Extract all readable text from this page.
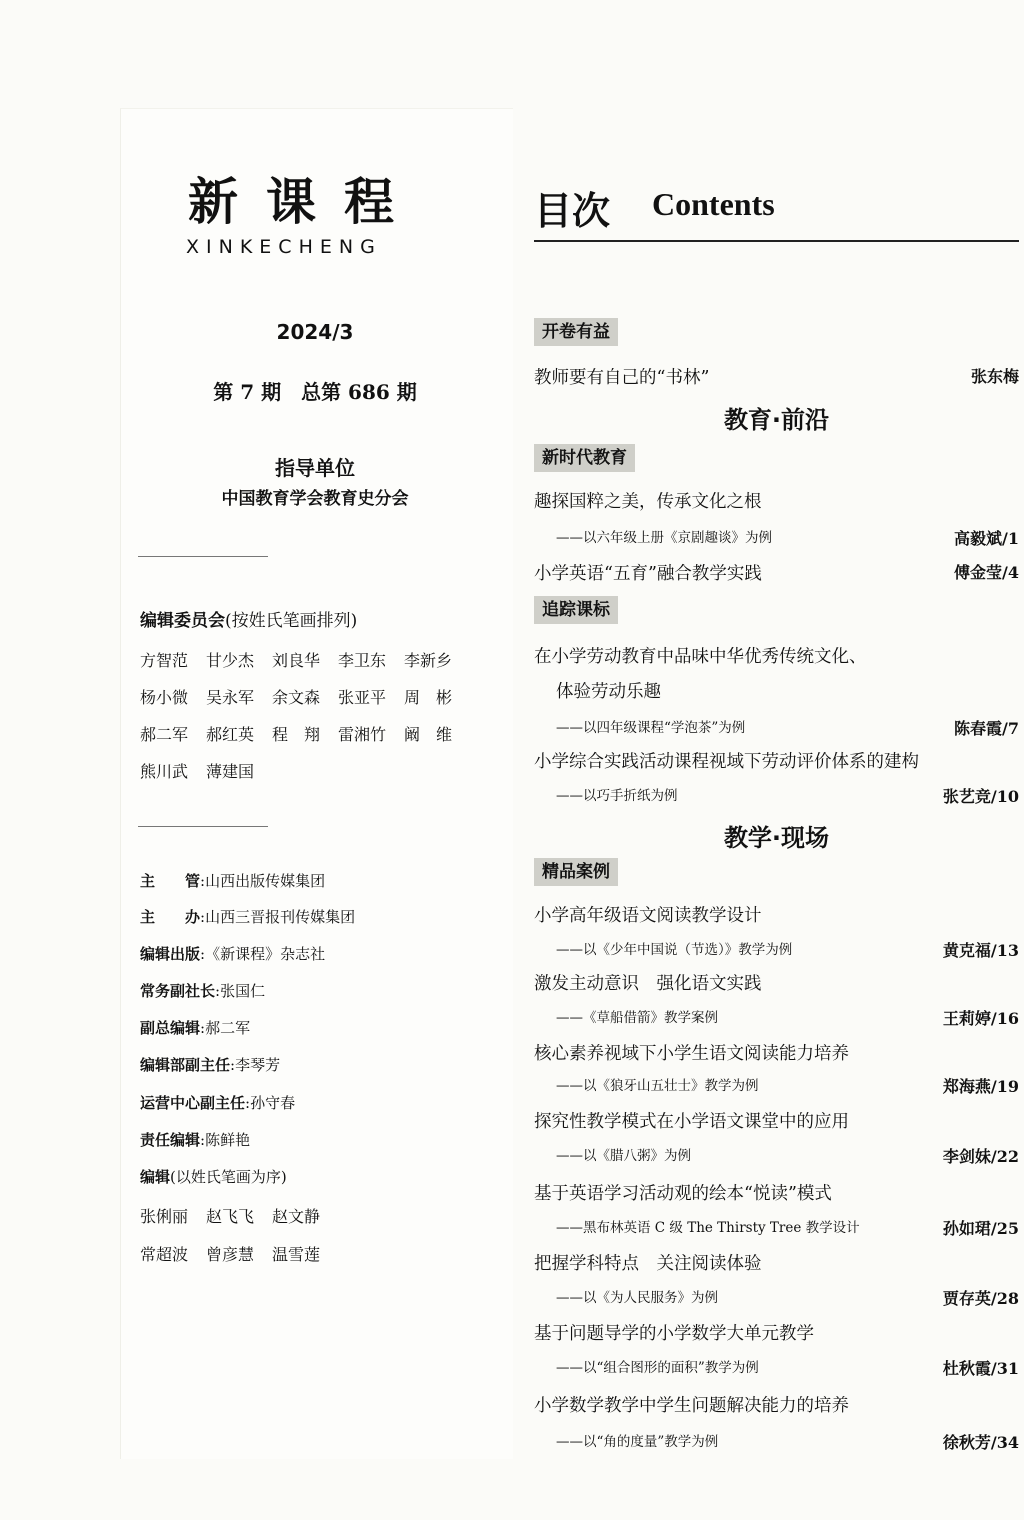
新课程
XINKECHENG
2024/3
第 7 期　总第 686 期
指导单位
中国教育学会教育史分会
编辑委员会(按姓氏笔画排列)
方智范 甘少杰 刘良华 李卫东 李新乡
杨小微 吴永军 余文森 张亚平 周　彬
郝二军 郝红英 程　翔 雷湘竹 阚　维
熊川武 薄建国
主　　管:山西出版传媒集团
主　　办:山西三晋报刊传媒集团
编辑出版:《新课程》杂志社
常务副社长:张国仁
副总编辑:郝二军
编辑部副主任:李琴芳
运营中心副主任:孙守春
责任编辑:陈鲜艳
编辑(以姓氏笔画为序)
张俐丽 赵飞飞 赵文静
常超波 曾彦慧 温雪莲
目次 Contents
开卷有益
教师要有自己的“书林”	张东梅
教育·前沿
新时代教育
趣探国粹之美，传承文化之根
——以六年级上册《京剧趣谈》为例	高毅斌/1
小学英语“五育”融合教学实践	傅金莹/4
追踪课标
在小学劳动教育中品味中华优秀传统文化、
体验劳动乐趣
——以四年级课程“学泡茶”为例	陈春霞/7
小学综合实践活动课程视域下劳动评价体系的建构
——以巧手折纸为例	张艺竞/10
教学·现场
精品案例
小学高年级语文阅读教学设计
——以《少年中国说（节选）》教学为例	黄克福/13
激发主动意识　强化语文实践
——《草船借箭》教学案例	王莉婷/16
核心素养视域下小学生语文阅读能力培养
——以《狼牙山五壮士》教学为例	郑海燕/19
探究性教学模式在小学语文课堂中的应用
——以《腊八粥》为例	李剑妹/22
基于英语学习活动观的绘本“悦读”模式
——黑布林英语 C 级 The Thirsty Tree 教学设计	孙如珺/25
把握学科特点　关注阅读体验
——以《为人民服务》为例	贾存英/28
基于问题导学的小学数学大单元教学
——以“组合图形的面积”教学为例	杜秋霞/31
小学数学教学中学生问题解决能力的培养
——以“角的度量”教学为例	徐秋芳/34
